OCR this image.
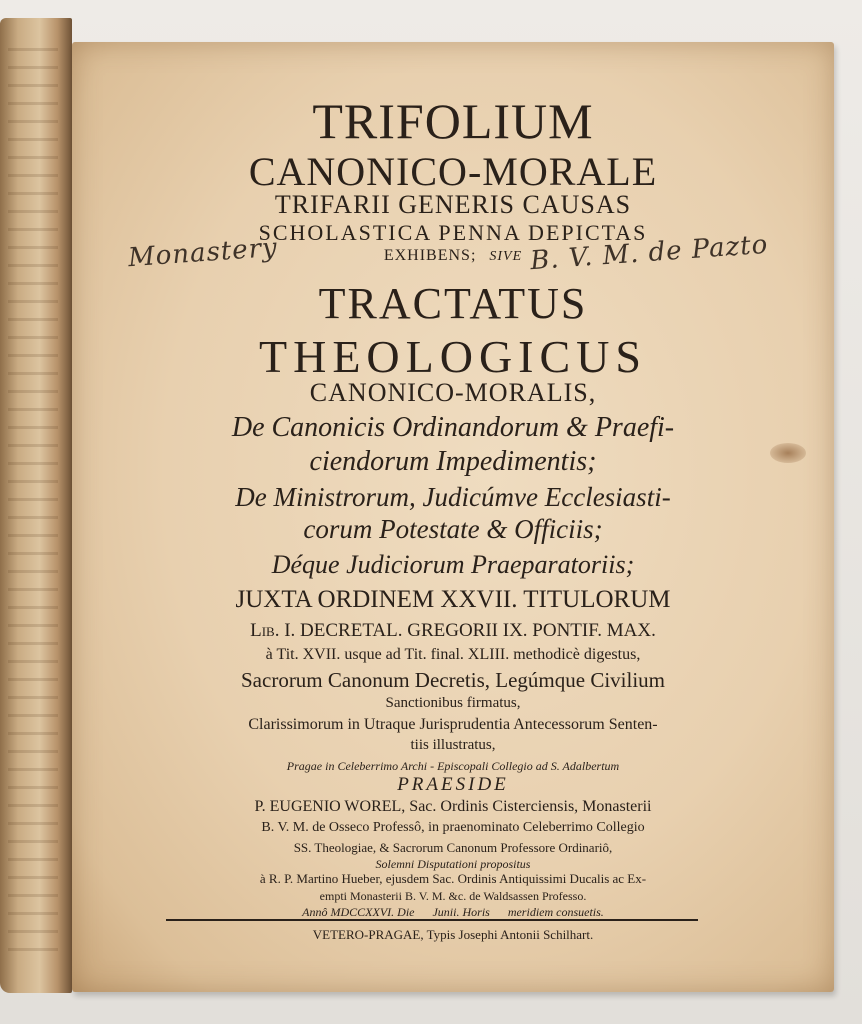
TRIFOLIUM

CANONICO-MORALE

TRIFARII GENERIS CAUSAS

SCHOLASTICA PENNA DEPICTAS

EXHIBENS; SIVE

Monastery	B. V. M. de Pazto

TRACTATUS

THEOLOGICUS

CANONICO-MORALIS,

De Canonicis Ordinandorum & Praefi-

ciendorum Impedimentis;

De Ministrorum, Judicúmve Ecclesiasti-

corum Potestate & Officiis;

Déque Judiciorum Praeparatoriis;

JUXTA ORDINEM XXVII. TITULORUM

Lib. I. DECRETAL. GREGORII IX. PONTIF. MAX.

à Tit. XVII. usque ad Tit. final. XLIII. methodicè digestus,

Sacrorum Canonum Decretis, Legúmque Civilium

Sanctionibus firmatus,

Clarissimorum in Utraque Jurisprudentia Antecessorum Senten-

tiis illustratus,

Pragae in Celeberrimo Archi - Episcopali Collegio ad S. Adalbertum

PRAESIDE

P. EUGENIO WOREL, Sac. Ordinis Cisterciensis, Monasterii

B. V. M. de Osseco Professô, in praenominato Celeberrimo Collegio

SS. Theologiae, & Sacrorum Canonum Professore Ordinariô,

Solemni Disputationi propositus

à R. P. Martino Hueber, ejusdem Sac. Ordinis Antiquissimi Ducalis ac Ex-

empti Monasterii B. V. M. &c. de Waldsassen Professo.

Annô MDCCXXVI. Die      Junii. Horis      meridiem consuetis.

VETERO-PRAGAE, Typis Josephi Antonii Schilhart.
